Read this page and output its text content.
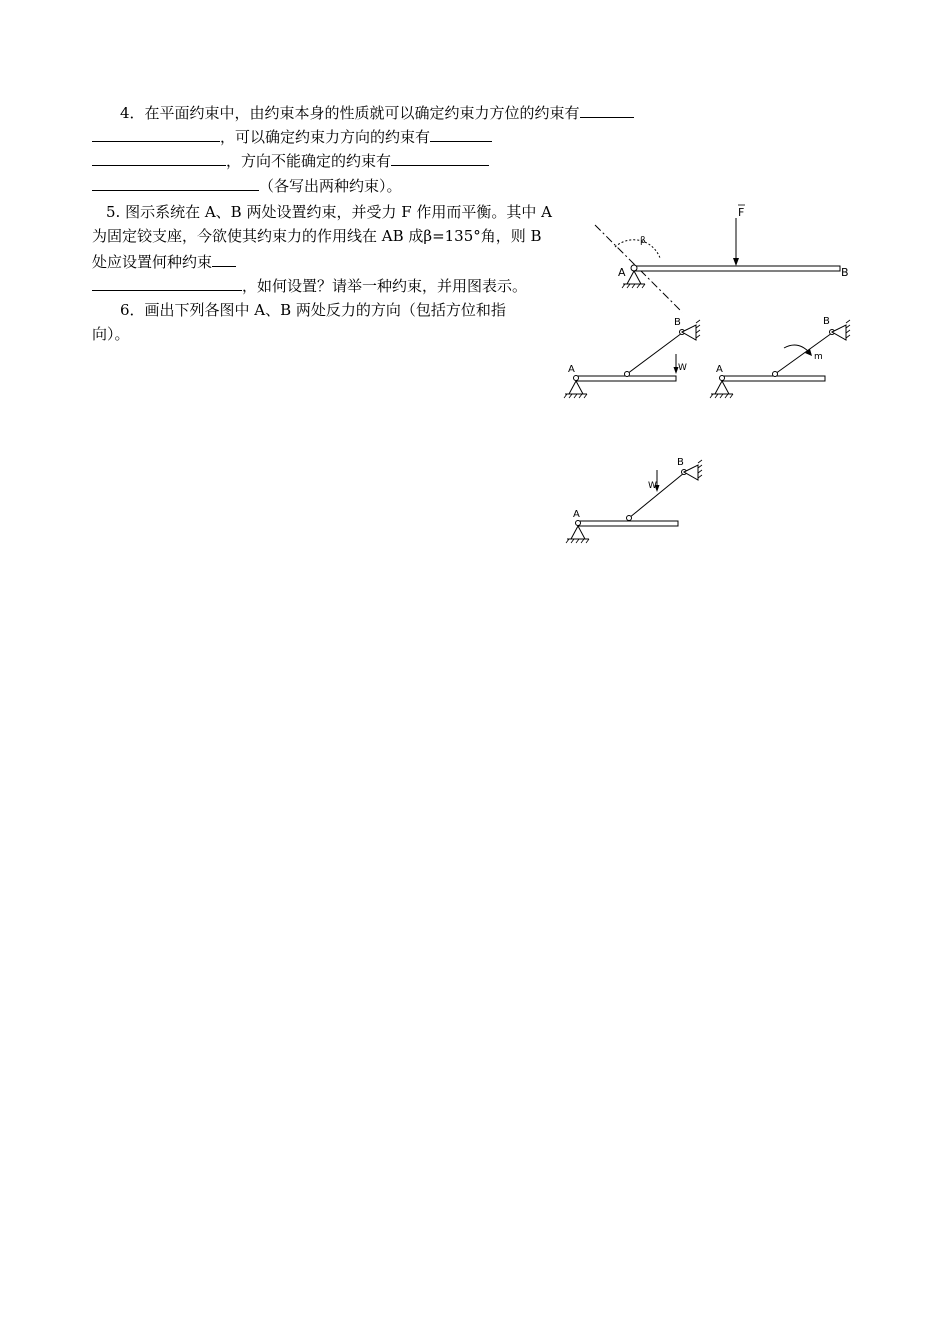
4．在平面约束中，由约束本身的性质就可以确定约束力方位的约束有
，可以确定约束力方向的约束有
，方向不能确定的约束有
（各写出两种约束）。
5. 图示系统在 A、B 两处设置约束，并受力 F 作用而平衡。其中 A
为固定铰支座，今欲使其约束力的作用线在 AB 成β=135°角，则 B
处应设置何种约束
，如何设置？请举一种约束，并用图表示。
6．画出下列各图中 A、B 两处反力的方向（包括方位和指
向）。
β
A	B
F
A
B
W	A
B
m
A
B
W
